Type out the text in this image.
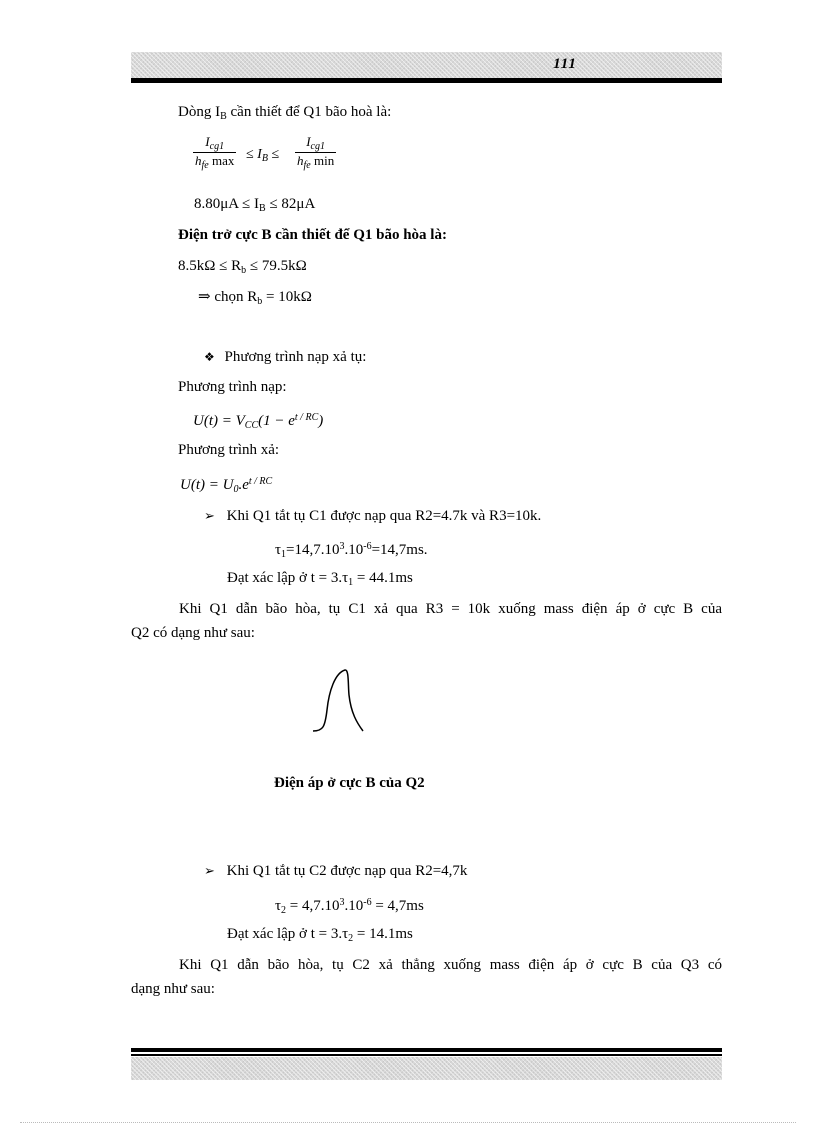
111
Dòng $I_B$ cần thiết để Q1 bão hoà là:
$I_{cg1}$
$h_{fe}$ $\max \le I_B$ ≤
$I_{cg1}$
$h_{fe}$ min
$8.80\mu A \le I_B \le 82\mu A$
Điện trở cực B cần thiết để Q1 bão hòa là:
$8.5k\Omega \le R_b \le 79.5k\Omega$
⇒ chọn $R_b = 10k\Omega$
❖ Phương trình nạp xả tụ:
Phương trình nạp:
$U(t) = V_{CC}(1 - e^{t / RC})$
Phương trình xả:
$U(t) = U_0.e^{t / RC}$
➢ Khi Q1 tắt tụ C1 được nạp qua R2=4.7k và R3=10k.
$\tau_1=14,7.10^3.10^{-6}=14,7ms$.
Đạt xác lập ở $t = 3.\tau_1 = 44.1ms$
Khi Q1 dẫn bão hòa, tụ C1 xả qua R3 = 10k xuống mass điện áp ở cực B của
Q2 có dạng như sau:
Điện áp ở cực B của Q2
➢ Khi Q1 tắt tụ C2 được nạp qua R2=4,7k
$\tau_2 = 4,7.10^3.10^{-6} = 4,7ms$
Đạt xác lập ở $t = 3.\tau_2 = 14.1ms$
Khi Q1 dẫn bão hòa, tụ C2 xả thẳng xuống mass điện áp ở cực B của Q3 có
dạng như sau:
